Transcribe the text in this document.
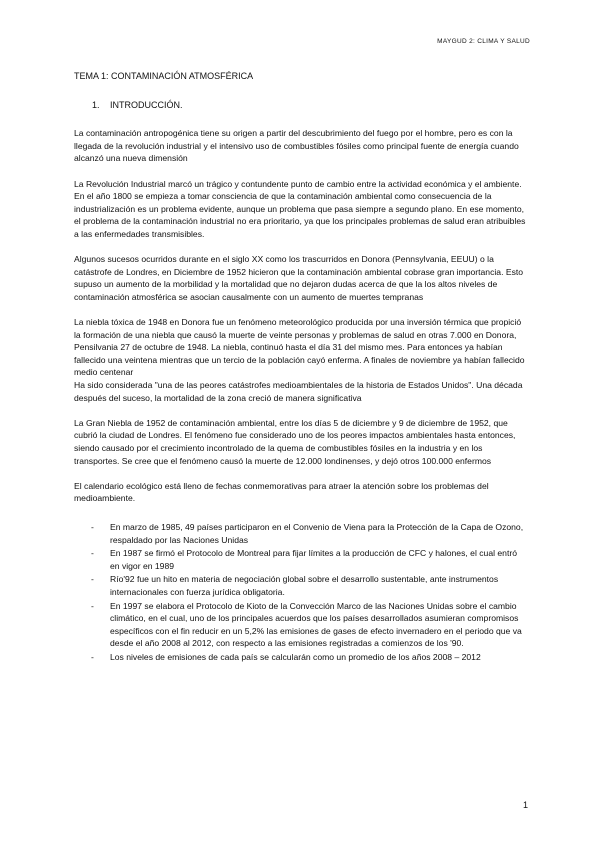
MAYGUD 2: CLIMA Y SALUD
TEMA 1: CONTAMINACIÓN ATMOSFÉRICA
1. INTRODUCCIÓN.

La contaminación antropogénica tiene su origen a partir del descubrimiento del fuego por el hombre, pero es con la llegada de la revolución industrial y el intensivo uso de combustibles fósiles como principal fuente de energía cuando alcanzó una nueva dimensión

La Revolución Industrial marcó un trágico y contundente punto de cambio entre la actividad económica y el ambiente. En el año 1800 se empieza a tomar consciencia de que la contaminación ambiental como consecuencia de la industrialización es un problema evidente, aunque un problema que pasa siempre a segundo plano. En ese momento, el problema de la contaminación industrial no era prioritario, ya que los principales problemas de salud eran atribuibles a las enfermedades transmisibles.

Algunos sucesos ocurridos durante en el siglo XX como los trascurridos en Donora (Pennsylvania, EEUU) o la catástrofe de Londres, en Diciembre de 1952 hicieron que la contaminación ambiental cobrase gran importancia. Esto supuso un aumento de la morbilidad y la mortalidad que no dejaron dudas acerca de que la los altos niveles de contaminación atmosférica se asocian causalmente con un aumento de muertes tempranas

La niebla tóxica de 1948 en Donora fue un fenómeno meteorológico producida por una inversión térmica que propició la formación de una niebla que causó la muerte de veinte personas y problemas de salud en otras 7.000 en Donora, Pensilvania 27 de octubre de 1948. La niebla, continuó hasta el día 31 del mismo mes. Para entonces ya habían fallecido una veintena mientras que un tercio de la población cayó enferma. A finales de noviembre ya habían fallecido medio centenar
Ha sido considerada "una de las peores catástrofes medioambientales de la historia de Estados Unidos". Una década después del suceso, la mortalidad de la zona creció de manera significativa

La Gran Niebla de 1952 de contaminación ambiental, entre los días 5 de diciembre y 9 de diciembre de 1952, que cubrió la ciudad de Londres. El fenómeno fue considerado uno de los peores impactos ambientales hasta entonces, siendo causado por el crecimiento incontrolado de la quema de combustibles fósiles en la industria y en los transportes. Se cree que el fenómeno causó la muerte de 12.000 londinenses, y dejó otros 100.000 enfermos

El calendario ecológico está lleno de fechas conmemorativas para atraer la atención sobre los problemas del medioambiente.

- En marzo de 1985, 49 países participaron en el Convenio de Viena para la Protección de la Capa de Ozono, respaldado por las Naciones Unidas
- En 1987 se firmó el Protocolo de Montreal para fijar límites a la producción de CFC y halones, el cual entró en vigor en 1989
- Río'92 fue un hito en materia de negociación global sobre el desarrollo sustentable, ante instrumentos internacionales con fuerza jurídica obligatoria.
- En 1997 se elabora el Protocolo de Kioto de la Convección Marco de las Naciones Unidas sobre el cambio climático, en el cual, uno de los principales acuerdos que los países desarrollados asumieran compromisos específicos con el fin reducir en un 5,2% las emisiones de gases de efecto invernadero en el periodo que va desde el año 2008 al 2012, con respecto a las emisiones registradas a comienzos de los '90.
- Los niveles de emisiones de cada país se calcularán como un promedio de los años 2008 – 2012
1
